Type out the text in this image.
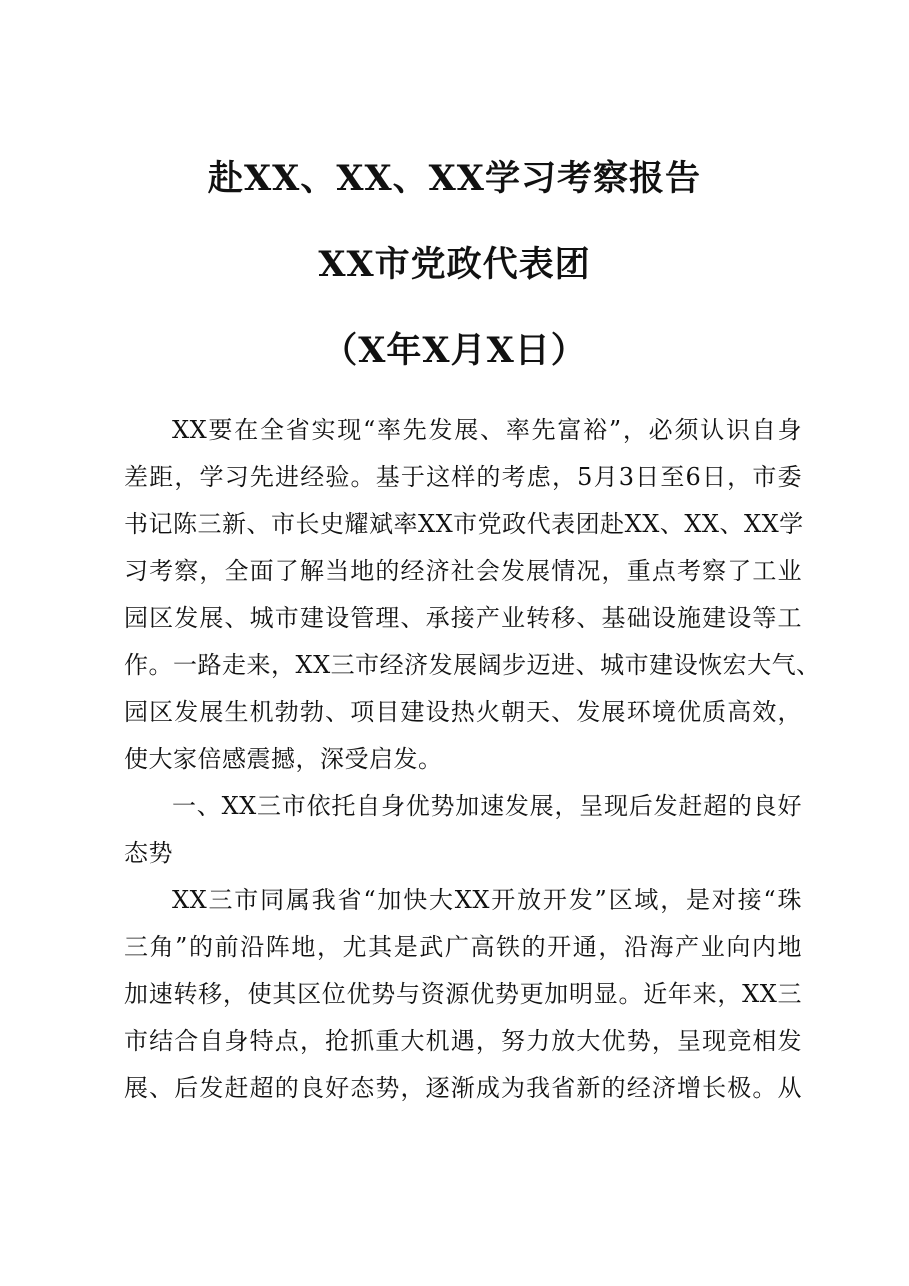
赴XX、XX、XX学习考察报告
XX市党政代表团
（X年X月X日）
XX要在全省实现“率先发展、率先富裕”，必须认识自身
差距，学习先进经验。基于这样的考虑，5月3日至6日，市委
书记陈三新、市长史耀斌率XX市党政代表团赴XX、XX、XX学
习考察，全面了解当地的经济社会发展情况，重点考察了工业
园区发展、城市建设管理、承接产业转移、基础设施建设等工
作。一路走来，XX三市经济发展阔步迈进、城市建设恢宏大气、
园区发展生机勃勃、项目建设热火朝天、发展环境优质高效，
使大家倍感震撼，深受启发。
一、XX三市依托自身优势加速发展，呈现后发赶超的良好
态势
XX三市同属我省“加快大XX开放开发”区域，是对接“珠
三角”的前沿阵地，尤其是武广高铁的开通，沿海产业向内地
加速转移，使其区位优势与资源优势更加明显。近年来，XX三
市结合自身特点，抢抓重大机遇，努力放大优势，呈现竞相发
展、后发赶超的良好态势，逐渐成为我省新的经济增长极。从
